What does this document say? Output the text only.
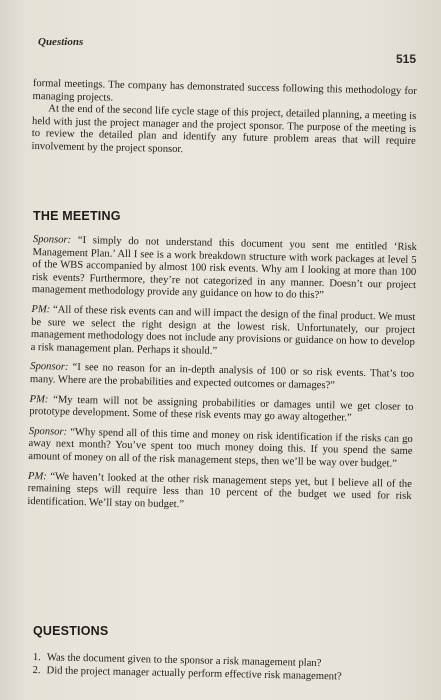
Questions
515

formal meetings. The company has demonstrated success following this methodology for managing projects.

At the end of the second life cycle stage of this project, detailed planning, a meeting is held with just the project manager and the project sponsor. The purpose of the meeting is to review the detailed plan and identify any future problem areas that will require involvement by the project sponsor.

THE MEETING

Sponsor: “I simply do not understand this document you sent me entitled ‘Risk Management Plan.’ All I see is a work breakdown structure with work packages at level 5 of the WBS accompanied by almost 100 risk events. Why am I looking at more than 100 risk events? Furthermore, they’re not categorized in any manner. Doesn’t our project management methodology provide any guidance on how to do this?”

PM: “All of these risk events can and will impact the design of the final product. We must be sure we select the right design at the lowest risk. Unfortunately, our project management methodology does not include any provisions or guidance on how to develop a risk management plan. Perhaps it should.”

Sponsor: “I see no reason for an in-depth analysis of 100 or so risk events. That’s too many. Where are the probabilities and expected outcomes or damages?”

PM: “My team will not be assigning probabilities or damages until we get closer to prototype development. Some of these risk events may go away altogether.”

Sponsor: “Why spend all of this time and money on risk identification if the risks can go away next month? You’ve spent too much money doing this. If you spend the same amount of money on all of the risk management steps, then we’ll be way over budget.”

PM: “We haven’t looked at the other risk management steps yet, but I believe all of the remaining steps will require less than 10 percent of the budget we used for risk identification. We’ll stay on budget.”

QUESTIONS
1. Was the document given to the sponsor a risk management plan?
2. Did the project manager actually perform effective risk management?
